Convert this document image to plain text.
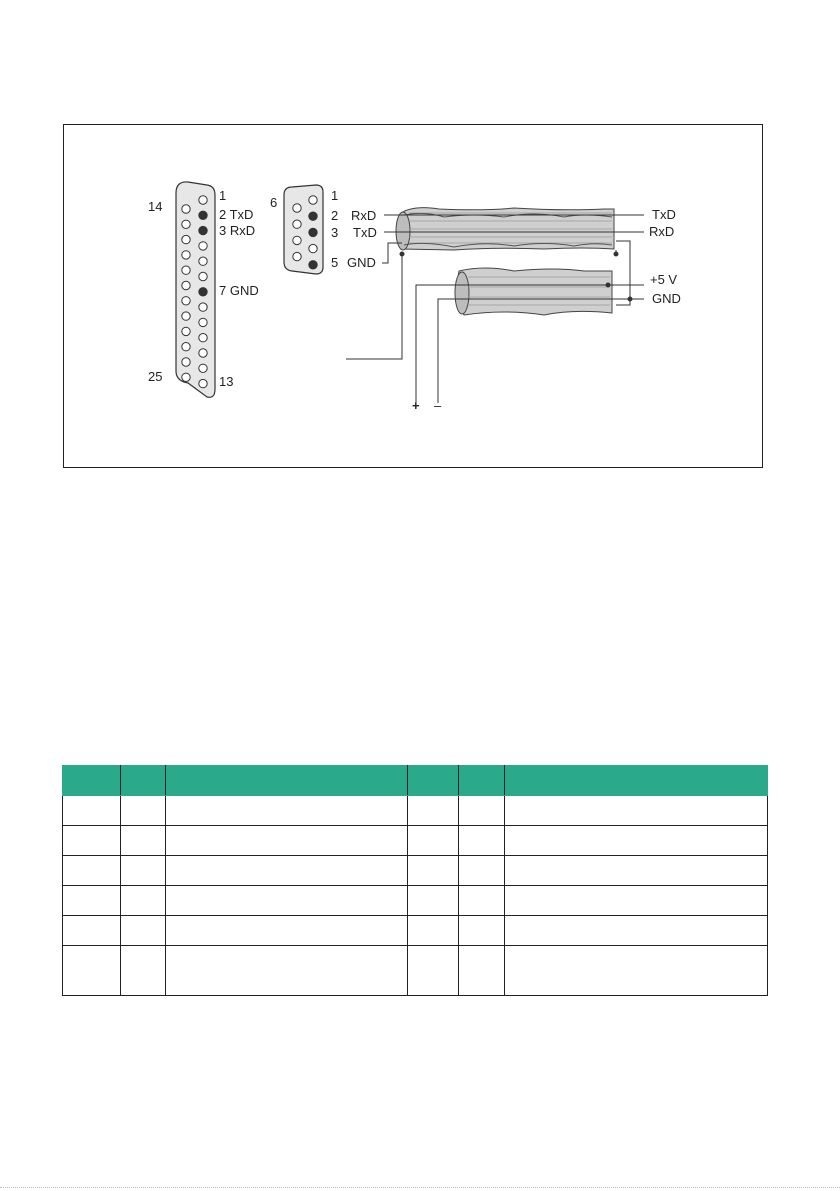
14
1
2 TxD
3 RxD
7 GND
25	13
6	1
2 RxD
3 TxD
5 GND
TxD
RxD
+5 V
GND
+ –
